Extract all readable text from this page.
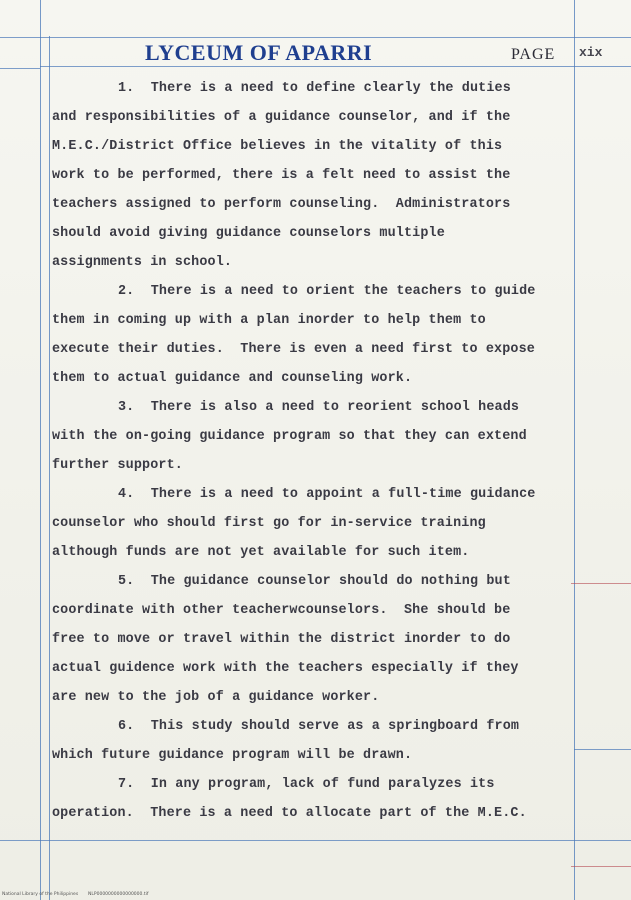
LYCEUM OF APARRI	PAGE xix
1.  There is a need to define clearly the duties
and responsibilities of a guidance counselor, and if the
M.E.C./District Office believes in the vitality of this
work to be performed, there is a felt need to assist the
teachers assigned to perform counseling.  Administrators
should avoid giving guidance counselors multiple
assignments in school.
2.  There is a need to orient the teachers to guide
them in coming up with a plan inorder to help them to
execute their duties.  There is even a need first to expose
them to actual guidance and counseling work.
3.  There is also a need to reorient school heads
with the on-going guidance program so that they can extend
further support.
4.  There is a need to appoint a full-time guidance
counselor who should first go for in-service training
although funds are not yet available for such item.
5.  The guidance counselor should do nothing but
coordinate with other teacherwcounselors.  She should be
free to move or travel within the district inorder to do
actual guidence work with the teachers especially if they
are new to the job of a guidance worker.
6.  This study should serve as a springboard from
which future guidance program will be drawn.
7.  In any program, lack of fund paralyzes its
operation.  There is a need to allocate part of the M.E.C.
National Library of the Philippines NLP0000000000000000.tif
